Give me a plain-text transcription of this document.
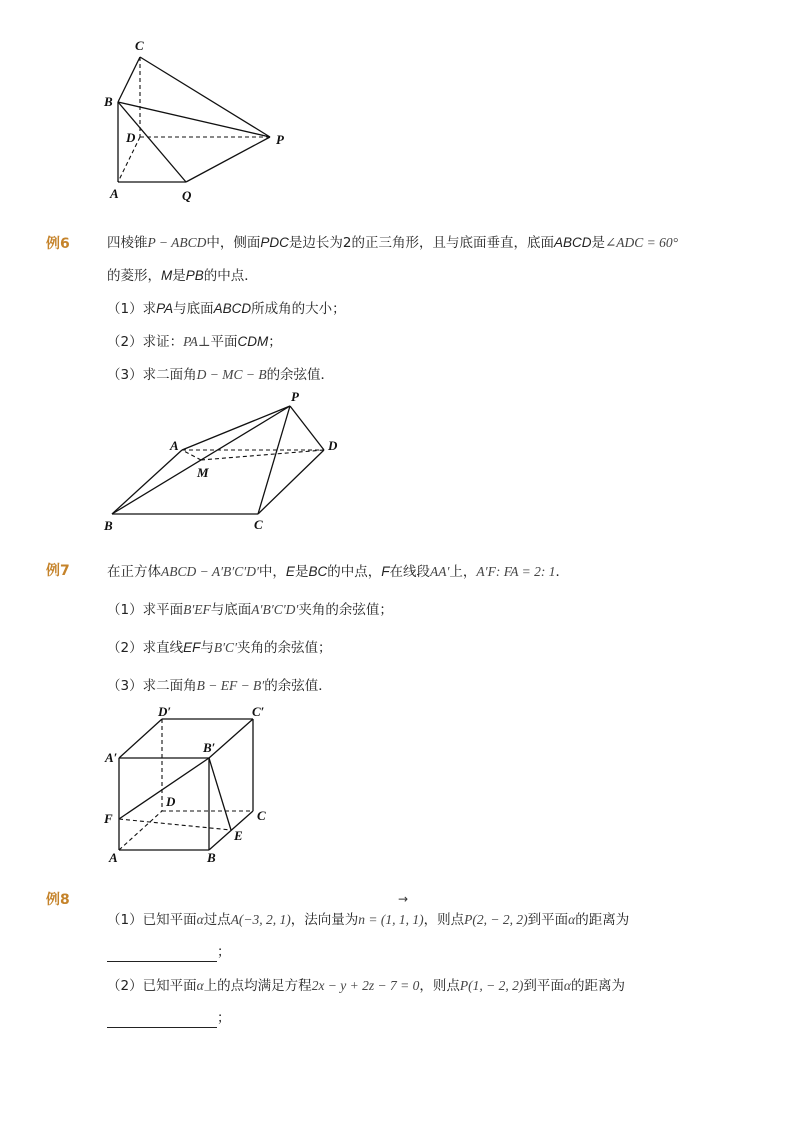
C
B
D	P
A	Q
例6	四棱锥P − ABCD中，侧面PDC是边长为2的正三角形，且与底面垂直，底面ABCD是∠ADC = 60°
的菱形，M是PB的中点．
（1）求PA与底面ABCD所成角的大小；
（2）求证：PA⊥平面CDM；
（3）求二面角D − MC − B的余弦值．
P
A	D
M
B	C
例7	在正方体ABCD − A′B′C′D′中，E是BC的中点，F在线段AA′上，A′F: FA = 2: 1．
（1）求平面B′EF与底面A′B′C′D′夹角的余弦值；
（2）求直线EF与B′C′夹角的余弦值；
（3）求二面角B − EF − B′的余弦值．
D′	C′
A′
B′
D
C
F
E
A	B
例8	→
（1）已知平面α过点A(−3, 2, 1)，法向量为n = (1, 1, 1)，则点P(2, − 2, 2)到平面α的距离为
；
（2）已知平面α上的点均满足方程2x − y + 2z − 7 = 0，则点P(1, − 2, 2)到平面α的距离为
；
